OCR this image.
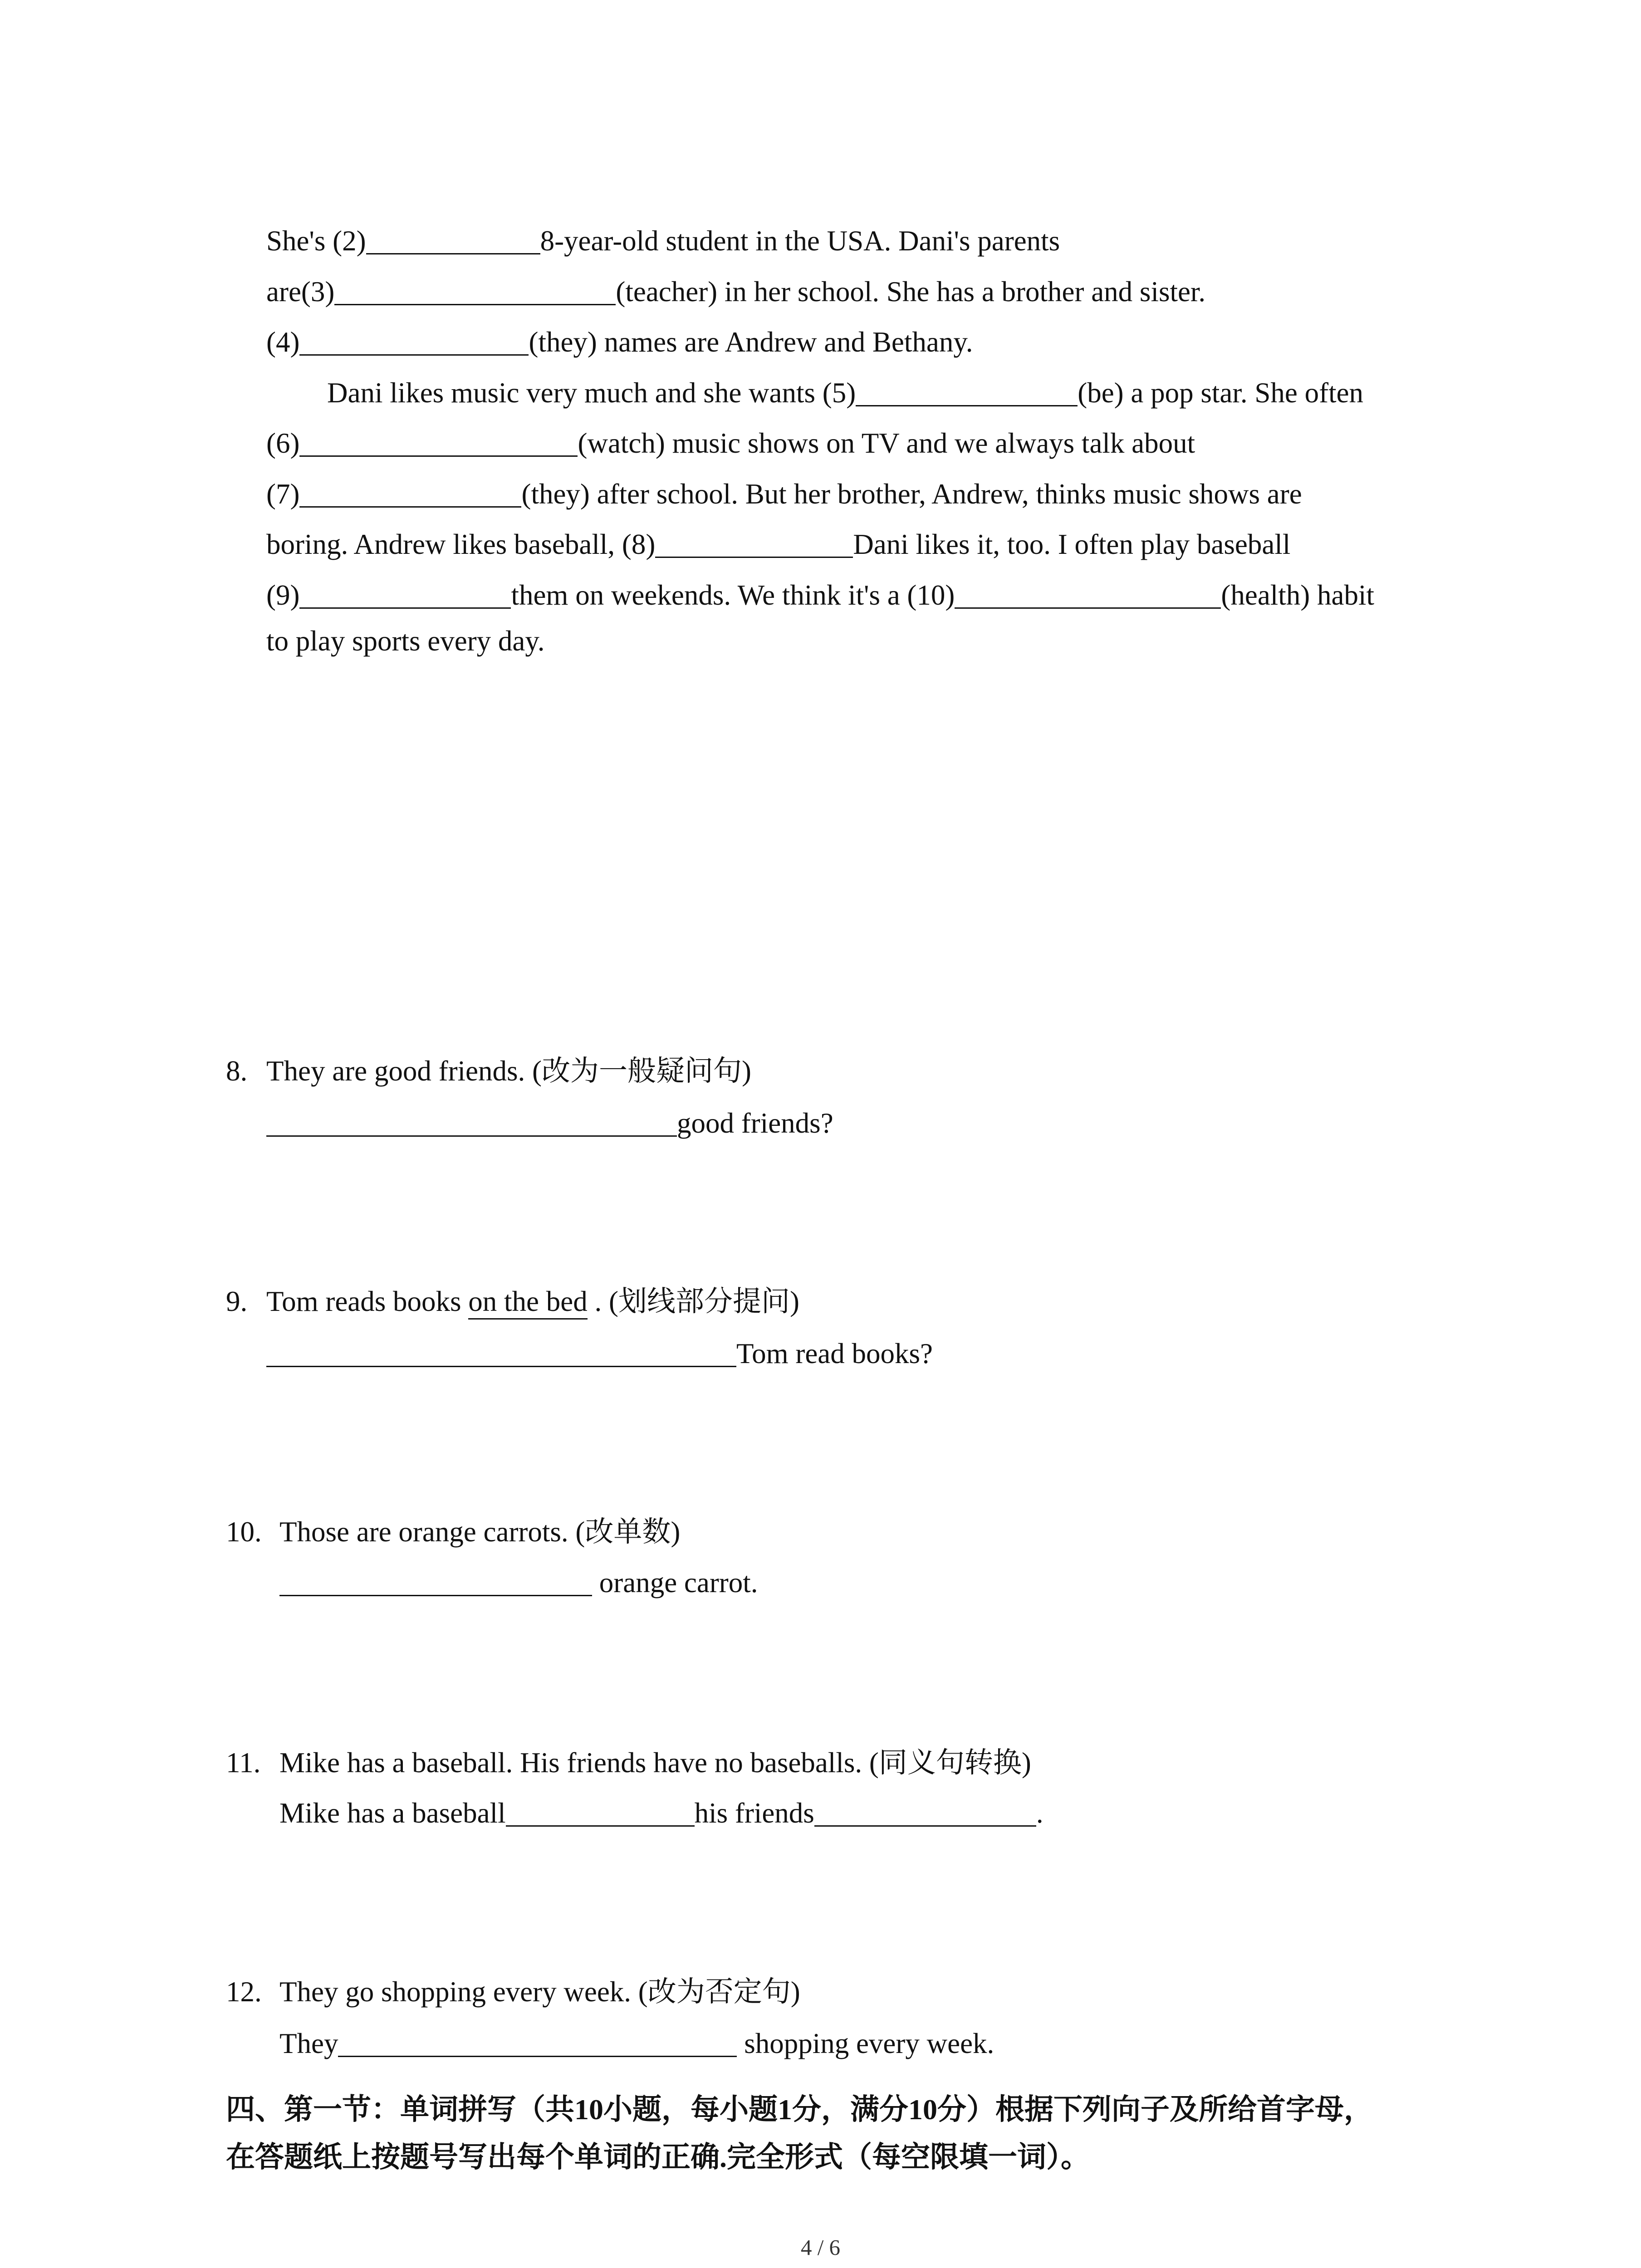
She's (2)	8-year-old student in the USA. Dani's parents
are(3)	(teacher) in her school. She has a brother and sister.
(4)	(they) names are Andrew and Bethany.
Dani likes music very much and she wants (5)	(be) a pop star. She often
(6)	(watch) music shows on TV and we always talk about
(7)	(they) after school. But her brother, Andrew, thinks music shows are
boring. Andrew likes baseball, (8)	Dani likes it, too. I often play baseball
(9)	them on weekends. We think it's a (10)	(health) habit
to play sports every day.
8. They are good friends. (改为一般疑问句)
good friends?
9. Tom reads books on the bed . (划线部分提问)
Tom read books?
10. Those are orange carrots. (改单数)
orange carrot.
11. Mike has a baseball. His friends have no baseballs. (同义句转换)
Mike has a baseball	his friends	.
12. They go shopping every week. (改为否定句)
They	shopping every week.
四、第一节：单词拼写（共10小题，每小题1分，满分10分）根据下列向子及所给首字母，
在答题纸上按题号写出每个单词的正确.完全形式（每空限填一词）。
4 / 6
